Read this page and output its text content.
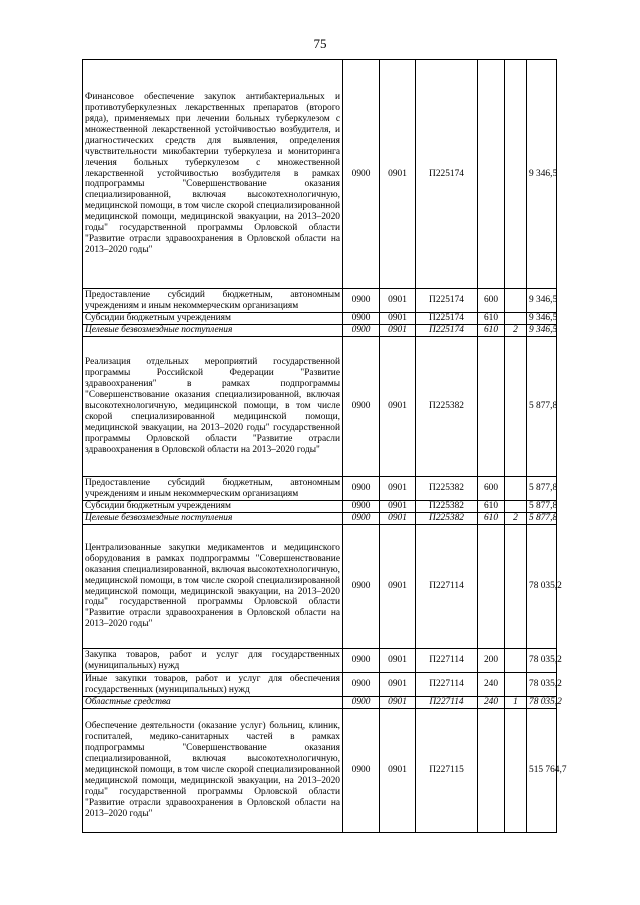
75
Финансовое обеспечение закупок антибактериальных и противотуберкулезных лекарственных препаратов (второго ряда), применяемых при лечении больных туберкулезом с множественной лекарственной устойчивостью возбудителя, и диагностических средств для выявления, определения чувствительности микобактерии туберкулеза и мониторинга лечения больных туберкулезом с множественной лекарственной устойчивостью возбудителя в рамках подпрограммы "Совершенствование оказания специализированной, включая высокотехнологичную, медицинской помощи, в том числе скорой специализированной медицинской помощи, медицинской эвакуации, на 2013–2020 годы" государственной программы Орловской области "Развитие отрасли здравоохранения в Орловской области на 2013–2020 годы"	0900	0901	П225174			9 346,5
Предоставление субсидий бюджетным, автономным учреждениям и иным некоммерческим организациям	0900	0901	П225174	600		9 346,5
Субсидии бюджетным учреждениям	0900	0901	П225174	610		9 346,5
Целевые безвозмездные поступления	0900	0901	П225174	610	2	9 346,5
Реализация отдельных мероприятий государственной программы Российской Федерации "Развитие здравоохранения" в рамках подпрограммы "Совершенствование оказания специализированной, включая высокотехнологичную, медицинской помощи, в том числе скорой специализированной медицинской помощи, медицинской эвакуации, на 2013–2020 годы" государственной программы Орловской области "Развитие отрасли здравоохранения в Орловской области на 2013–2020 годы"	0900	0901	П225382			5 877,8
Предоставление субсидий бюджетным, автономным учреждениям и иным некоммерческим организациям	0900	0901	П225382	600		5 877,8
Субсидии бюджетным учреждениям	0900	0901	П225382	610		5 877,8
Целевые безвозмездные поступления	0900	0901	П225382	610	2	5 877,8
Централизованные закупки медикаментов и медицинского оборудования в рамках подпрограммы "Совершенствование оказания специализированной, включая высокотехнологичную, медицинской помощи, в том числе скорой специализированной медицинской помощи, медицинской эвакуации, на 2013–2020 годы" государственной программы Орловской области "Развитие отрасли здравоохранения в Орловской области на 2013–2020 годы"	0900	0901	П227114			78 035,2
Закупка товаров, работ и услуг для государственных (муниципальных) нужд	0900	0901	П227114	200		78 035,2
Иные закупки товаров, работ и услуг для обеспечения государственных (муниципальных) нужд	0900	0901	П227114	240		78 035,2
Областные средства	0900	0901	П227114	240	1	78 035,2
Обеспечение деятельности (оказание услуг) больниц, клиник, госпиталей, медико-санитарных частей в рамках подпрограммы "Совершенствование оказания специализированной, включая высокотехнологичную, медицинской помощи, в том числе скорой специализированной медицинской помощи, медицинской эвакуации, на 2013–2020 годы" государственной программы Орловской области "Развитие отрасли здравоохранения в Орловской области на 2013–2020 годы"	0900	0901	П227115			515 764,7
